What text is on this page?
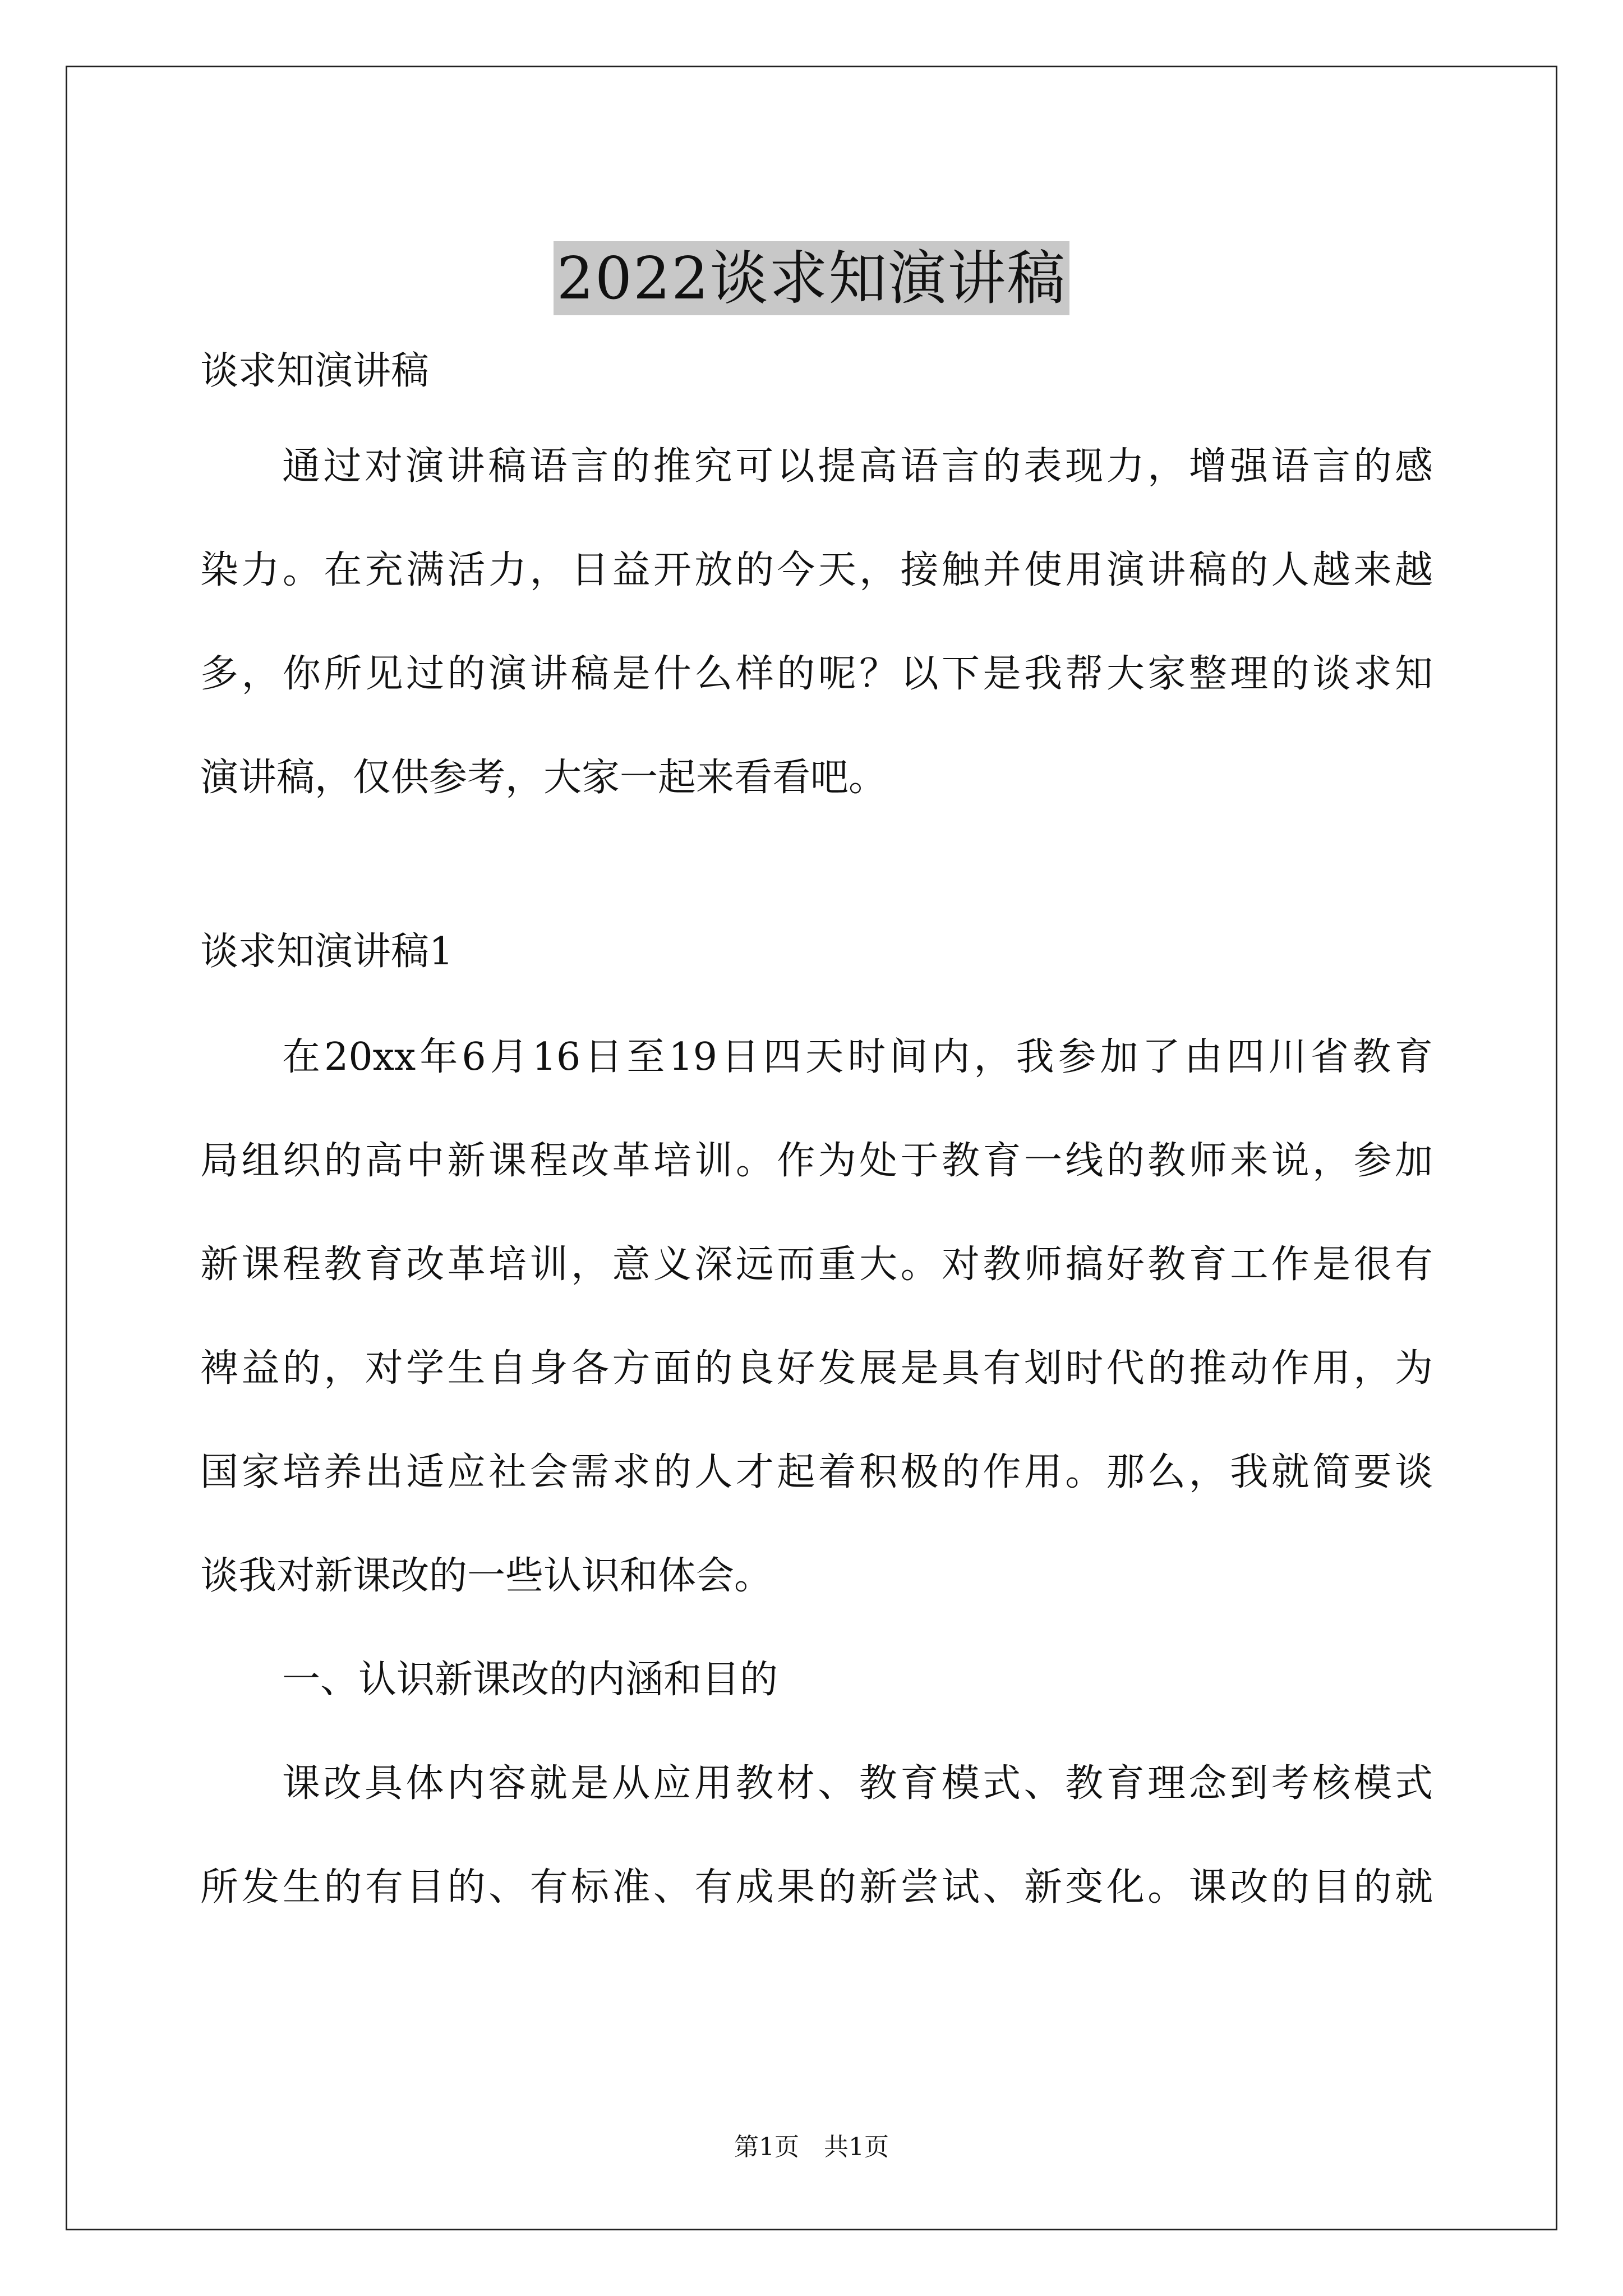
2022谈求知演讲稿
谈求知演讲稿
通过对演讲稿语言的推究可以提高语言的表现力，增强语言的感
染力。在充满活力，日益开放的今天，接触并使用演讲稿的人越来越
多，你所见过的演讲稿是什么样的呢？以下是我帮大家整理的谈求知
演讲稿，仅供参考，大家一起来看看吧。
谈求知演讲稿1
在20xx年6月16日至19日四天时间内，我参加了由四川省教育
局组织的高中新课程改革培训。作为处于教育一线的教师来说，参加
新课程教育改革培训，意义深远而重大。对教师搞好教育工作是很有
裨益的，对学生自身各方面的良好发展是具有划时代的推动作用，为
国家培养出适应社会需求的人才起着积极的作用。那么，我就简要谈
谈我对新课改的一些认识和体会。
一、认识新课改的内涵和目的
课改具体内容就是从应用教材、教育模式、教育理念到考核模式
所发生的有目的、有标准、有成果的新尝试、新变化。课改的目的就
第1页 共1页
